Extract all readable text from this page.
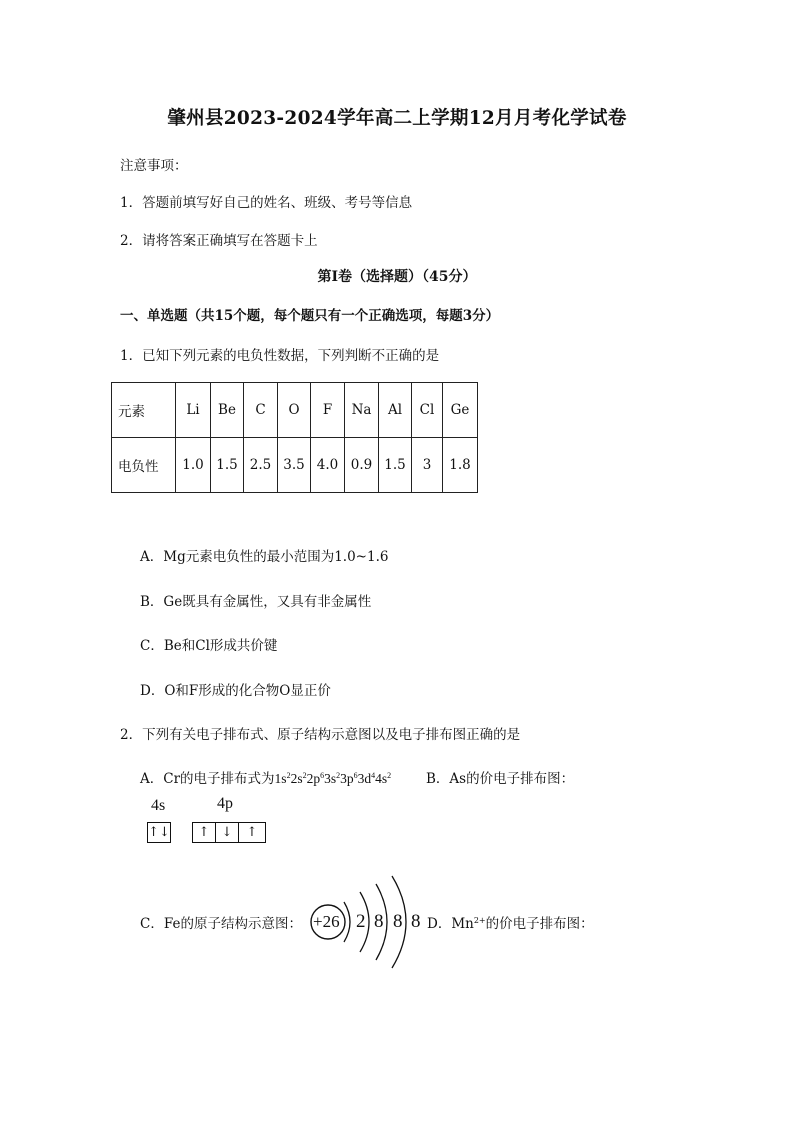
肇州县2023-2024学年高二上学期12月月考化学试卷
注意事项：
1．答题前填写好自己的姓名、班级、考号等信息
2．请将答案正确填写在答题卡上
第I卷（选择题）（45分）
一、单选题（共15个题，每个题只有一个正确选项，每题3分）
1．已知下列元素的电负性数据，下列判断不正确的是
元素	Li	Be	C	O	F	Na	Al	Cl	Ge
电负性	1.0	1.5	2.5	3.5	4.0	0.9	1.5	3	1.8
A．Mg元素电负性的最小范围为1.0~1.6
B．Ge既具有金属性，又具有非金属性
C．Be和Cl形成共价键
D．O和F形成的化合物O显正价
2．下列有关电子排布式、原子结构示意图以及电子排布图正确的是
A．Cr的电子排布式为$1s^22s^22p^63s^23p^63d^44s^2$	B．As的价电子排布图：
4s	4p
↑↓	↑ ↓	↑
C．Fe的原子结构示意图： +26 2 8 8 8 D．$Mn^{2+}$的价电子排布图：
